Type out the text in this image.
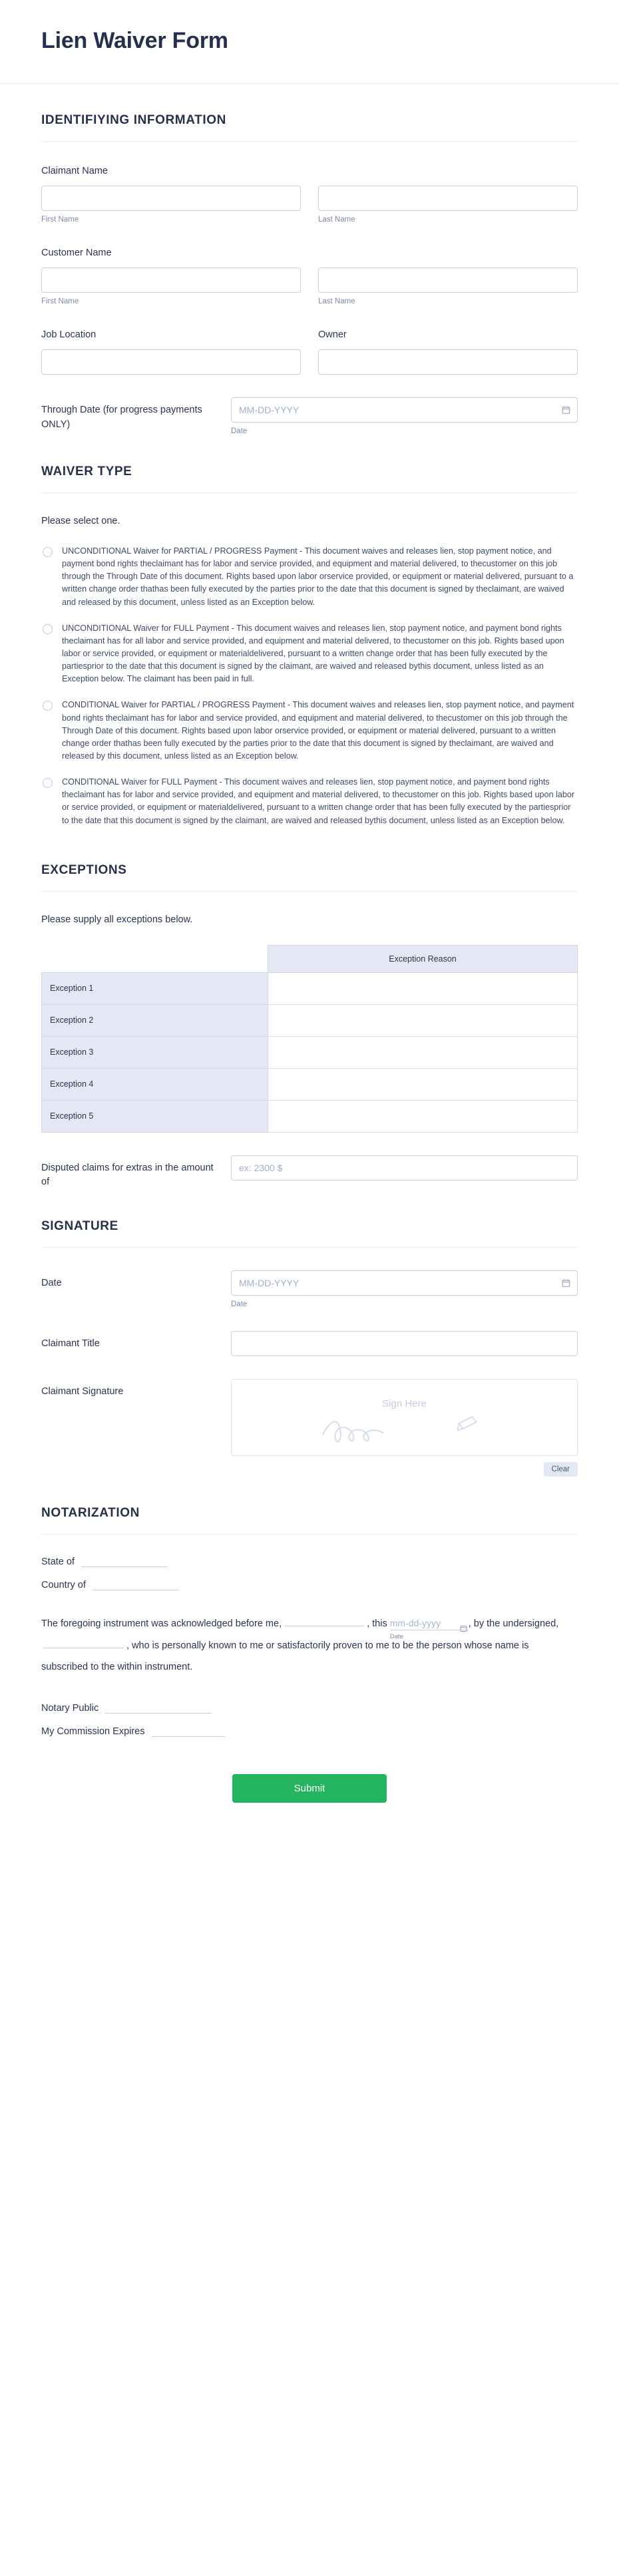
Lien Waiver Form
IDENTIFIYING INFORMATION
Claimant Name
First Name	Last Name
Customer Name
First Name	Last Name
Job Location	Owner
Through Date (for progress payments ONLY)
MM-DD-YYYY
Date
WAIVER TYPE
Please select one.
UNCONDITIONAL Waiver for PARTIAL / PROGRESS Payment - This document waives and releases lien, stop payment notice, and payment bond rights theclaimant has for labor and service provided, and equipment and material delivered, to thecustomer on this job through the Through Date of this document. Rights based upon labor orservice provided, or equipment or material delivered, pursuant to a written change order thathas been fully executed by the parties prior to the date that this document is signed by theclaimant, are waived and released by this document, unless listed as an Exception below.
UNCONDITIONAL Waiver for FULL Payment - This document waives and releases lien, stop payment notice, and payment bond rights theclaimant has for all labor and service provided, and equipment and material delivered, to thecustomer on this job. Rights based upon labor or service provided, or equipment or materialdelivered, pursuant to a written change order that has been fully executed by the partiesprior to the date that this document is signed by the claimant, are waived and released bythis document, unless listed as an Exception below. The claimant has been paid in full.
CONDITIONAL Waiver for PARTIAL / PROGRESS Payment - This document waives and releases lien, stop payment notice, and payment bond rights theclaimant has for labor and service provided, and equipment and material delivered, to thecustomer on this job through the Through Date of this document. Rights based upon labor orservice provided, or equipment or material delivered, pursuant to a written change order thathas been fully executed by the parties prior to the date that this document is signed by theclaimant, are waived and released by this document, unless listed as an Exception below.
CONDITIONAL Waiver for FULL Payment - This document waives and releases lien, stop payment notice, and payment bond rights theclaimant has for labor and service provided, and equipment and material delivered, to thecustomer on this job. Rights based upon labor or service provided, or equipment or materialdelivered, pursuant to a written change order that has been fully executed by the partiesprior to the date that this document is signed by the claimant, are waived and released bythis document, unless listed as an Exception below.
EXCEPTIONS
Please supply all exceptions below.
	Exception Reason
Exception 1	
Exception 2	
Exception 3	
Exception 4	
Exception 5	
Disputed claims for extras in the amount of
ex: 2300 $
SIGNATURE
Date
MM-DD-YYYY
Date
Claimant Title
Claimant Signature
Sign Here
Clear
NOTARIZATION
State of
Country of
The foregoing instrument was acknowledged before me,	, this mm-dd-yyyy
Date
, by the undersigned,, who is personally known to me or satisfactorily proven to me to be the person whose name is subscribed to the within instrument.
Notary Public
My Commission Expires
Submit
